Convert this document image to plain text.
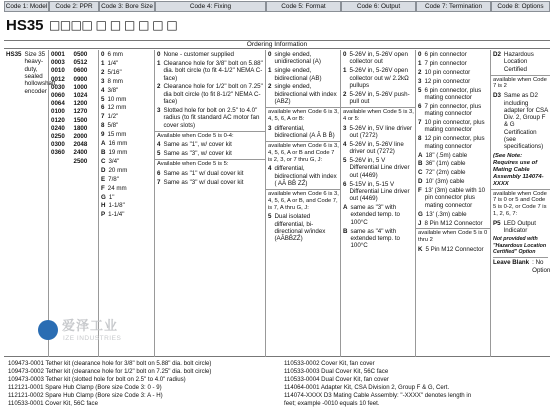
Code 1: Model	Code 2: PPR	Code 3: Bore Size	Code 4: Fixing	Code 5: Format	Code 6: Output	Code 7: Termination	Code 8: Options
HS35 □□□□ □ □ □ □ □ □
Ordering Information
HS35 Size 35 heavy-duty, sealed hollowshaft encoder
0001	0500
0003	0512
0010	0600
0012	0900
0030	1000
0060	1024
0064	1200
0100	1270
0120	1500
0240	1800
0250	2000
0300	2048
0360	2400
2500
0 6 mm
1 1/4"
2 5/16"
3 8 mm
4 3/8"
5 10 mm
6 12 mm
7 1/2"
8 5/8"
9 15 mm
A 16 mm
B 19 mm
C 3/4"
D 20 mm
E 7/8"
F 24 mm
G 1"
H 1-1/8"
P 1-1/4"
0 None - customer supplied
1 Clearance hole for 3/8" bolt on 5.88" dia. bolt circle (to fit 4-1/2" NEMA C-face)
2 Clearance hole for 1/2" bolt on 7.25" dia bolt circle (to fit 8-1/2" NEMA C-face)
3 Slotted hole for bolt on 2.5" to 4.0" radius (to fit standard AC motor fan cover slots)
Available when Code 5 is 0-4:
4 Same as "1", w/ cover kit
5 Same as "3", w/ cover kit
Available when Code 5 is 5:
6 Same as "1" w/ dual cover kit
7 Same as "3" w/ dual cover kit
0 single ended, unidirectional (A)
1 single ended, bidirectional (AB)
2 single ended, bidirectional with index (ABZ)
available when Code 6 is 3, 4, 5, 6, A or B:
3 differential, bidirectional (A Ā B B̄)
available when Code 6 is 3, 4, 5, 6, A or B and Code 7 is 2, 3, or 7 thru G, J:
4 differential, bidirectional with index ( AĀ BB̄ ZZ̄)
available when Code 6 is 3, 4, 5, 6, A or B, and Code 7, is 7, A thru G, J:
5 Dual isolated differential, bi-directional w/index (AĀBB̄ZZ̄)
0 5-26V in, 5-26V open collector out
1 5-26V in, 5-26V open collector out w/ 2.2kΩ pullups
2 5-26V in, 5-26V push-pull out
available when Code 5 is 3, 4 or 5:
3 5-26V in, 5V line driver out (7272)
4 5-26V in, 5-26V line driver out (7272)
5 5-26V in, 5 V Differential Line driver out (4469)
6 5-15V in, 5-15 V Differential Line driver out (4469)
A same as "3" with extended temp. to 100°C
B same as "4" with extended temp. to 100°C
0 6 pin connector
1 7 pin connector
2 10 pin connector
3 12 pin connector
5 6 pin connector, plus mating connector
6 7 pin connector, plus mating connector
7 10 pin connector, plus mating connector
8 12 pin connector, plus mating connector
A 18" (.5m) cable
B 36" (1m) cable
C 72" (2m) cable
D 10' (3m) cable
F 13' (3m) cable with 10 pin connector plus mating connector
G 13' (.3m) cable
J 8 Pin M12 Connector
available when Code 5 is 0 thru 2
K 5 Pin M12 Connector
D2 Hazardous Location Certified
available when Code 7 is 2
D3 Same as D2 including adapter for CSA Div. 2, Group F & G Certification (see specifications)
(See Note: Requires use of Mating Cable Assembly 114074-XXXX
available when Code 7 is 0 or 5 and Code 5 is 0-2, or Code 7 is 1, 2, 6, 7:
P5 LED Output Indicator
Not provided with "Hazardous Location Certified" Option
Leave Blank : No Option
爱泽工业
IZE INDUSTRIES
109473-0001 Tether kit (clearance hole for 3/8" bolt on 5.88" dia. bolt circle)
109473-0002 Tether kit (clearance hole for 1/2" bolt on 7.25" dia. bolt circle)
109473-0003 Tether kit (slotted hole for bolt on 2.5" to 4.0" radius)
112121-0001 Spare Hub Clamp (Bore size Code 3: 0 - 9)
112121-0002 Spare Hub Clamp (Bore size Code 3: A - H)
110533-0001 Cover Kit, 56C face
110533-0002 Cover Kit, fan cover
110533-0003 Dual Cover Kit, 56C face
110533-0004 Dual Cover Kit, fan cover
114064-0001 Adapter Kit, CSA Division 2, Group F & G, Cert.
114074-XXXX D3 Mating Cable Assembly: "-XXXX" denotes length in
feet; example -0010 equals 10 feet.
